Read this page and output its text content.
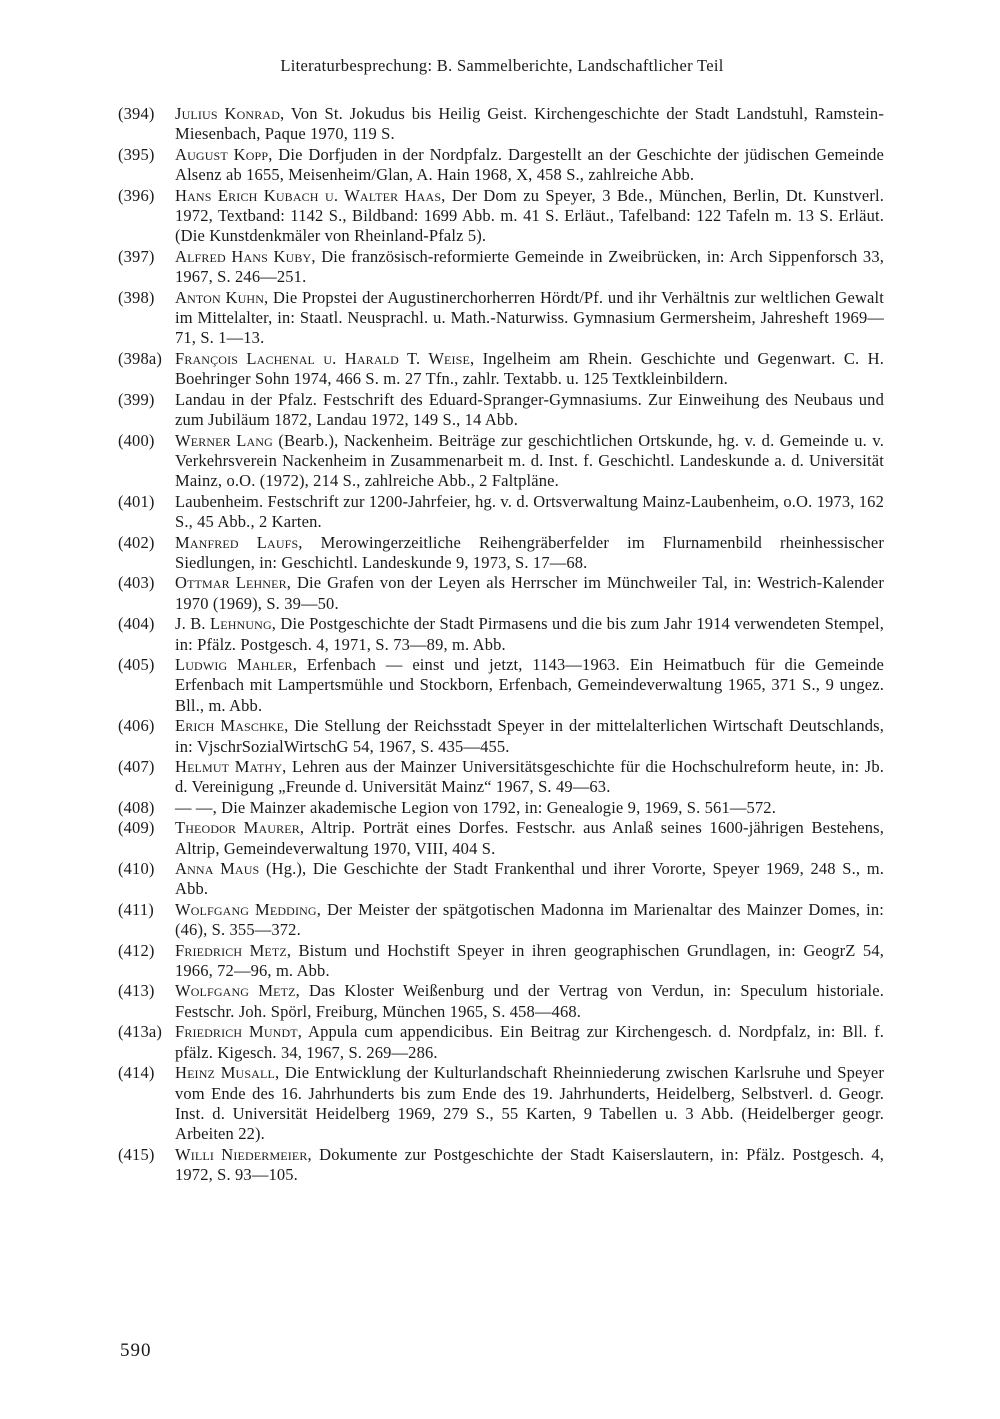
Literaturbesprechung: B. Sammelberichte, Landschaftlicher Teil
(394)	Julius Konrad, Von St. Jokudus bis Heilig Geist. Kirchengeschichte der Stadt Landstuhl, Ramstein-Miesenbach, Paque 1970, 119 S.
(395)	August Kopp, Die Dorfjuden in der Nordpfalz. Dargestellt an der Geschichte der jüdischen Gemeinde Alsenz ab 1655, Meisenheim/Glan, A. Hain 1968, X, 458 S., zahlreiche Abb.
(396)	Hans Erich Kubach u. Walter Haas, Der Dom zu Speyer, 3 Bde., München, Berlin, Dt. Kunstverl. 1972, Textband: 1142 S., Bildband: 1699 Abb. m. 41 S. Erläut., Tafelband: 122 Tafeln m. 13 S. Erläut. (Die Kunstdenkmäler von Rheinland-Pfalz 5).
(397)	Alfred Hans Kuby, Die französisch-reformierte Gemeinde in Zweibrücken, in: Arch Sippenforsch 33, 1967, S. 246—251.
(398)	Anton Kuhn, Die Propstei der Augustinerchorherren Hördt/Pf. und ihr Verhältnis zur weltlichen Gewalt im Mittelalter, in: Staatl. Neusprachl. u. Math.-Naturwiss. Gymnasium Germersheim, Jahresheft 1969—71, S. 1—13.
(398a) François Lachenal u. Harald T. Weise, Ingelheim am Rhein. Geschichte und Gegenwart. C. H. Boehringer Sohn 1974, 466 S. m. 27 Tfn., zahlr. Textabb. u. 125 Textkleinbildern.
(399)	Landau in der Pfalz. Festschrift des Eduard-Spranger-Gymnasiums. Zur Einweihung des Neubaus und zum Jubiläum 1872, Landau 1972, 149 S., 14 Abb.
(400)	Werner Lang (Bearb.), Nackenheim. Beiträge zur geschichtlichen Ortskunde, hg. v. d. Gemeinde u. v. Verkehrsverein Nackenheim in Zusammenarbeit m. d. Inst. f. Geschichtl. Landeskunde a. d. Universität Mainz, o.O. (1972), 214 S., zahlreiche Abb., 2 Faltpläne.
(401)	Laubenheim. Festschrift zur 1200-Jahrfeier, hg. v. d. Ortsverwaltung Mainz-Laubenheim, o.O. 1973, 162 S., 45 Abb., 2 Karten.
(402)	Manfred Laufs, Merowingerzeitliche Reihengräberfelder im Flurnamenbild rheinhessischer Siedlungen, in: Geschichtl. Landeskunde 9, 1973, S. 17—68.
(403)	Ottmar Lehner, Die Grafen von der Leyen als Herrscher im Münchweiler Tal, in: Westrich-Kalender 1970 (1969), S. 39—50.
(404)	J. B. Lehnung, Die Postgeschichte der Stadt Pirmasens und die bis zum Jahr 1914 verwendeten Stempel, in: Pfälz. Postgesch. 4, 1971, S. 73—89, m. Abb.
(405)	Ludwig Mahler, Erfenbach — einst und jetzt, 1143—1963. Ein Heimatbuch für die Gemeinde Erfenbach mit Lampertsmühle und Stockborn, Erfenbach, Gemeindeverwaltung 1965, 371 S., 9 ungez. Bll., m. Abb.
(406)	Erich Maschke, Die Stellung der Reichsstadt Speyer in der mittelalterlichen Wirtschaft Deutschlands, in: VjschrSozialWirtschG 54, 1967, S. 435—455.
(407)	Helmut Mathy, Lehren aus der Mainzer Universitätsgeschichte für die Hochschulreform heute, in: Jb. d. Vereinigung „Freunde d. Universität Mainz“ 1967, S. 49—63.
(408)	— —, Die Mainzer akademische Legion von 1792, in: Genealogie 9, 1969, S. 561—572.
(409)	Theodor Maurer, Altrip. Porträt eines Dorfes. Festschr. aus Anlaß seines 1600-jährigen Bestehens, Altrip, Gemeindeverwaltung 1970, VIII, 404 S.
(410)	Anna Maus (Hg.), Die Geschichte der Stadt Frankenthal und ihrer Vororte, Speyer 1969, 248 S., m. Abb.
(411)	Wolfgang Medding, Der Meister der spätgotischen Madonna im Marienaltar des Mainzer Domes, in: (46), S. 355—372.
(412)	Friedrich Metz, Bistum und Hochstift Speyer in ihren geographischen Grundlagen, in: GeogrZ 54, 1966, 72—96, m. Abb.
(413)	Wolfgang Metz, Das Kloster Weißenburg und der Vertrag von Verdun, in: Speculum historiale. Festschr. Joh. Spörl, Freiburg, München 1965, S. 458—468.
(413a) Friedrich Mundt, Appula cum appendicibus. Ein Beitrag zur Kirchengesch. d. Nordpfalz, in: Bll. f. pfälz. Kigesch. 34, 1967, S. 269—286.
(414)	Heinz Musall, Die Entwicklung der Kulturlandschaft Rheinniederung zwischen Karlsruhe und Speyer vom Ende des 16. Jahrhunderts bis zum Ende des 19. Jahrhunderts, Heidelberg, Selbstverl. d. Geogr. Inst. d. Universität Heidelberg 1969, 279 S., 55 Karten, 9 Tabellen u. 3 Abb. (Heidelberger geogr. Arbeiten 22).
(415)	Willi Niedermeier, Dokumente zur Postgeschichte der Stadt Kaiserslautern, in: Pfälz. Postgesch. 4, 1972, S. 93—105.
590
